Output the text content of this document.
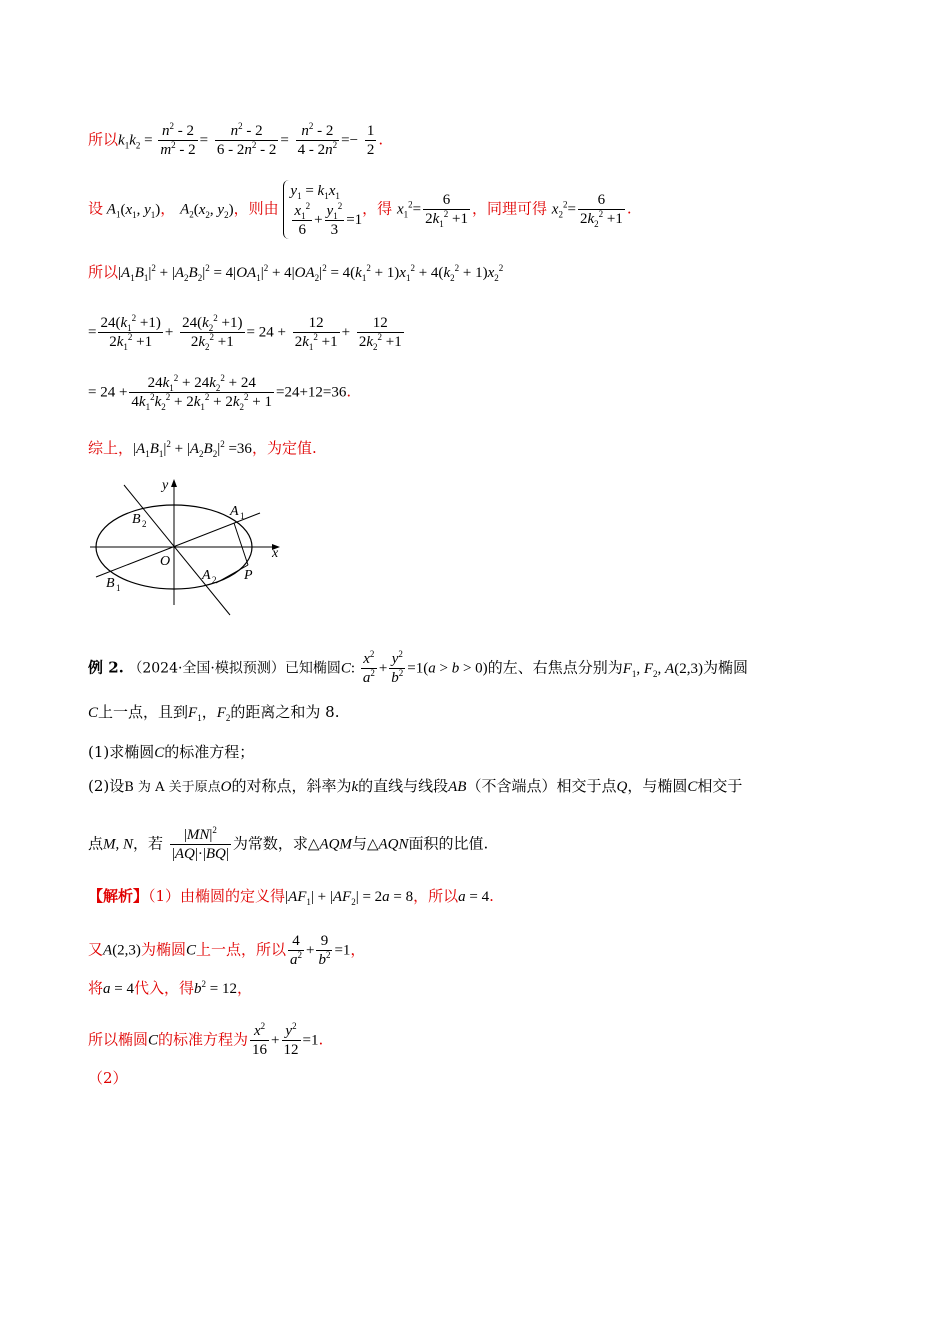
所以$k_1k_2 = \frac{n^2 - 2}{m^2 - 2} = \frac{n^2 - 2}{6 - 2n^2 - 2} = \frac{n^2 - 2}{4 - 2n^2} =- \frac{1}{2}$ .
设 $A_1(x_1$, $y_1$)， $A_2(x_2$, $y_2$)，则由
$y_1 = k_1x_1$
$\frac{x_1^2}{6} + \frac{y_1^2}{3} =1$
，得 $x_1^2= \frac{6}{2k_1^2 +1}$ ，同理可得 $x_2^2= \frac{6}{2k_2^2 +1}$ .
所以$|A_1B_1|^2 + |A_2B_2|^2 = 4|OA_1|^2 + 4|OA_2|^2 = 4(k_1^2 + 1)x_1^2 + 4(k_2^2 + 1)x_2^2$
= $\frac{24(k_1^2 +1)}{2k_1^2 +1} + \frac{24(k_2^2 +1)}{2k_2^2 +1} = 24 + \frac{12}{2k_1^2 +1} + \frac{12}{2k_2^2 +1}$
= $24 + \frac{24k_1^2 + 24k_2^2 + 24}{4k_1^2k_2^2 + 2k_1^2 + 2k_2^2 + 1} =24+12=36$.
综上，$|A_1B_1|^2 + |A_2B_2|^2 =36$，为定值.
y
x
O
A 1
A 2
B 2
B 1
P
例 2. （2024·全国·模拟预测）已知椭圆C: $\frac{x^2}{a^2} + \frac{y^2}{b^2} =1(a > b > 0)$的左、右焦点分别为$F_1$, $F_2$, A(2,3)为椭圆
C上一点，且到$F_1$，$F_2$的距离之和为 8.
(1)求椭圆C的标准方程；
(2)设B 为 A 关于原点O的对称点，斜率为k的直线与线段AB（不含端点）相交于点Q，与椭圆C相交于
点M, N，若 $\frac{|MN|^2}{|AQ|\cdot|BQ|}$ 为常数，求△AQM与△AQN面积的比值.
【解析】（1）由椭圆的定义得$|AF_1| + |AF_2| = 2a = 8$，所以a = 4.
又A(2,3)为椭圆C上一点，所以 $\frac{4}{a^2} + \frac{9}{b^2} =1$，
将a = 4代入，得$b^2 = 12$，
所以椭圆C的标准方程为 $\frac{x^2}{16} + \frac{y^2}{12} =1$.
（2）
